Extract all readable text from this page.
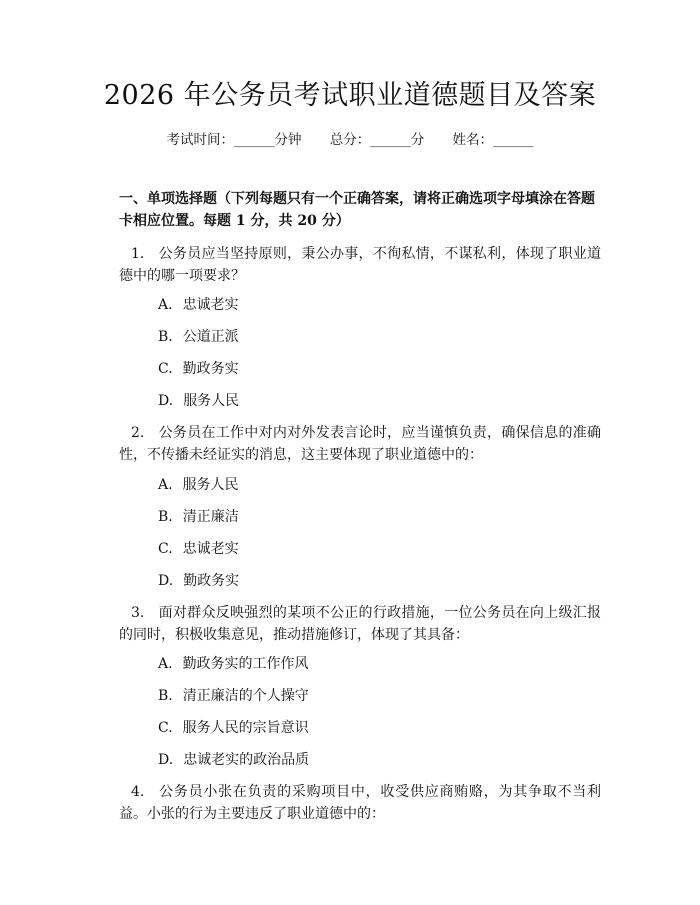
2026 年公务员考试职业道德题目及答案
考试时间：______分钟 总分：______分 姓名：______
一、单项选择题（下列每题只有一个正确答案，请将正确选项字母填涂在答题卡相应位置。每题 1 分，共 20 分）
1. 公务员应当坚持原则，秉公办事，不徇私情，不谋私利，体现了职业道德中的哪一项要求？
A. 忠诚老实
B. 公道正派
C. 勤政务实
D. 服务人民
2. 公务员在工作中对内对外发表言论时，应当谨慎负责，确保信息的准确性，不传播未经证实的消息，这主要体现了职业道德中的：
A. 服务人民
B. 清正廉洁
C. 忠诚老实
D. 勤政务实
3. 面对群众反映强烈的某项不公正的行政措施，一位公务员在向上级汇报的同时，积极收集意见，推动措施修订，体现了其具备：
A. 勤政务实的工作作风
B. 清正廉洁的个人操守
C. 服务人民的宗旨意识
D. 忠诚老实的政治品质
4. 公务员小张在负责的采购项目中，收受供应商贿赂，为其争取不当利益。小张的行为主要违反了职业道德中的：
